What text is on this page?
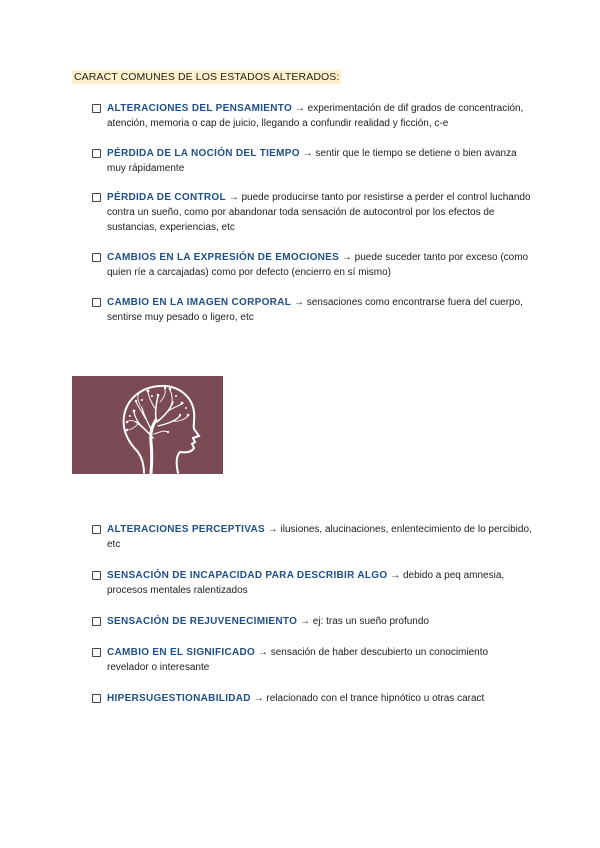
CARACT COMUNES DE LOS ESTADOS ALTERADOS:
ALTERACIONES DEL PENSAMIENTO → experimentación de dif grados de concentración, atención, memoria o cap de juicio, llegando a confundir realidad y ficción, c-e
PÉRDIDA DE LA NOCIÓN DEL TIEMPO → sentir que le tiempo se detiene o bien avanza muy rápidamente
PÉRDIDA DE CONTROL → puede producirse tanto por resistirse a perder el control luchando contra un sueño, como por abandonar toda sensación de autocontrol por los efectos de sustancias, experiencias, etc
CAMBIOS EN LA EXPRESIÓN DE EMOCIONES → puede suceder tanto por exceso (como quien ríe a carcajadas) como por defecto (encierro en sí mismo)
CAMBIO EN LA IMAGEN CORPORAL → sensaciones como encontrarse fuera del cuerpo, sentirse muy pesado o ligero, etc
ALTERACIONES PERCEPTIVAS → ilusiones, alucinaciones, enlentecimiento de lo percibido, etc
SENSACIÓN DE INCAPACIDAD PARA DESCRIBIR ALGO → debido a peq amnesia, procesos mentales ralentizados
SENSACIÓN DE REJUVENECIMIENTO → ej: tras un sueño profundo
CAMBIO EN EL SIGNIFICADO → sensación de haber descubierto un conocimiento revelador o interesante
HIPERSUGESTIONABILIDAD → relacionado con el trance hipnótico u otras caract
